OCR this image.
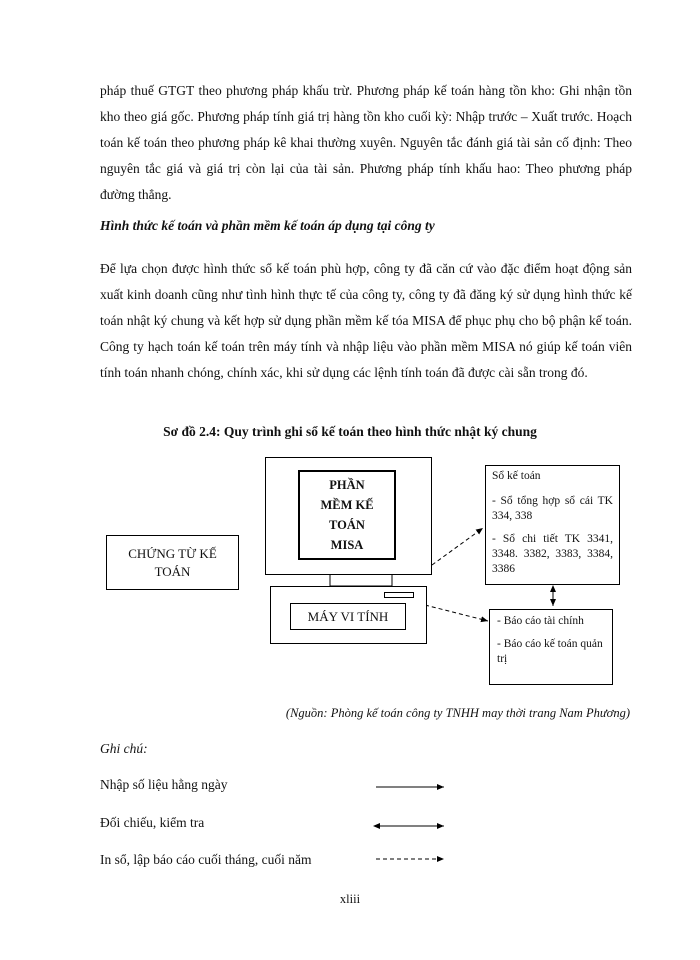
pháp thuế GTGT theo phương pháp khấu trừ. Phương pháp kế toán hàng tồn kho: Ghi nhận tồn kho theo giá gốc. Phương pháp tính giá trị hàng tồn kho cuối kỳ: Nhập trước – Xuất trước. Hoạch toán kế toán theo phương pháp kê khai thường xuyên. Nguyên tắc đánh giá tài sản cố định: Theo nguyên tắc giá và giá trị còn lại của tài sản. Phương pháp tính khấu hao: Theo phương pháp đường thẳng.
Hình thức kế toán và phần mềm kế toán áp dụng tại công ty
Để lựa chọn được hình thức sổ kế toán phù hợp, công ty đã căn cứ vào đặc điểm hoạt động sản xuất kinh doanh cũng như tình hình thực tế của công ty, công ty đã đăng ký sử dụng hình thức kế toán nhật ký chung và kết hợp sử dụng phần mềm kế tóa MISA để phục phụ cho bộ phận kế toán. Công ty hạch toán kế toán trên máy tính và nhập liệu vào phần mềm MISA nó giúp kế toán viên tính toán nhanh chóng, chính xác, khi sử dụng các lệnh tính toán đã được cài sẵn trong đó.
Sơ đồ 2.4: Quy trình ghi sổ kế toán theo hình thức nhật ký chung
CHỨNG TỪ KẾ TOÁN
PHẦN
MỀM KẾ
TOÁN
MISA
MÁY VI TÍNH
Sổ kế toán
- Sổ tổng hợp sổ cái TK 334, 338
- Sổ chi tiết TK 3341, 3348. 3382, 3383, 3384, 3386
- Báo cáo tài chính
- Báo cáo kế toán quản trị
(Nguồn: Phòng kế toán công ty TNHH may thời trang Nam Phương)
Ghi chú:
Nhập số liệu hằng ngày
Đối chiếu, kiểm tra
In sổ, lập báo cáo cuối tháng, cuối năm
xliii
